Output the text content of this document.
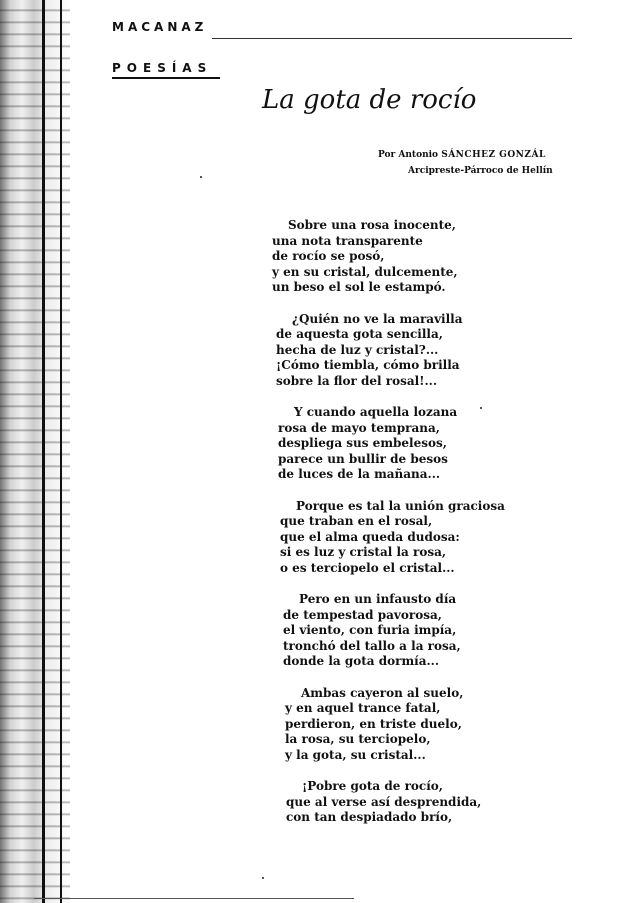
MACANAZ
POESÍAS
La gota de rocío
Por Antonio SÁNCHEZ GONZÁL
Arcipreste-Párroco de Hellín
Sobre una rosa inocente,
una nota transparente
de rocío se posó,
y en su cristal, dulcemente,
un beso el sol le estampó.
¿Quién no ve la maravilla
de aquesta gota sencilla,
hecha de luz y cristal?...
¡Cómo tiembla, cómo brilla
sobre la flor del rosal!...
Y cuando aquella lozana
rosa de mayo temprana,
despliega sus embelesos,
parece un bullir de besos
de luces de la mañana...
Porque es tal la unión graciosa
que traban en el rosal,
que el alma queda dudosa:
si es luz y cristal la rosa,
o es terciopelo el cristal...
Pero en un infausto día
de tempestad pavorosa,
el viento, con furia impía,
tronchó del tallo a la rosa,
donde la gota dormía...
Ambas cayeron al suelo,
y en aquel trance fatal,
perdieron, en triste duelo,
la rosa, su terciopelo,
y la gota, su cristal...
¡Pobre gota de rocío,
que al verse así desprendida,
con tan despiadado brío,
